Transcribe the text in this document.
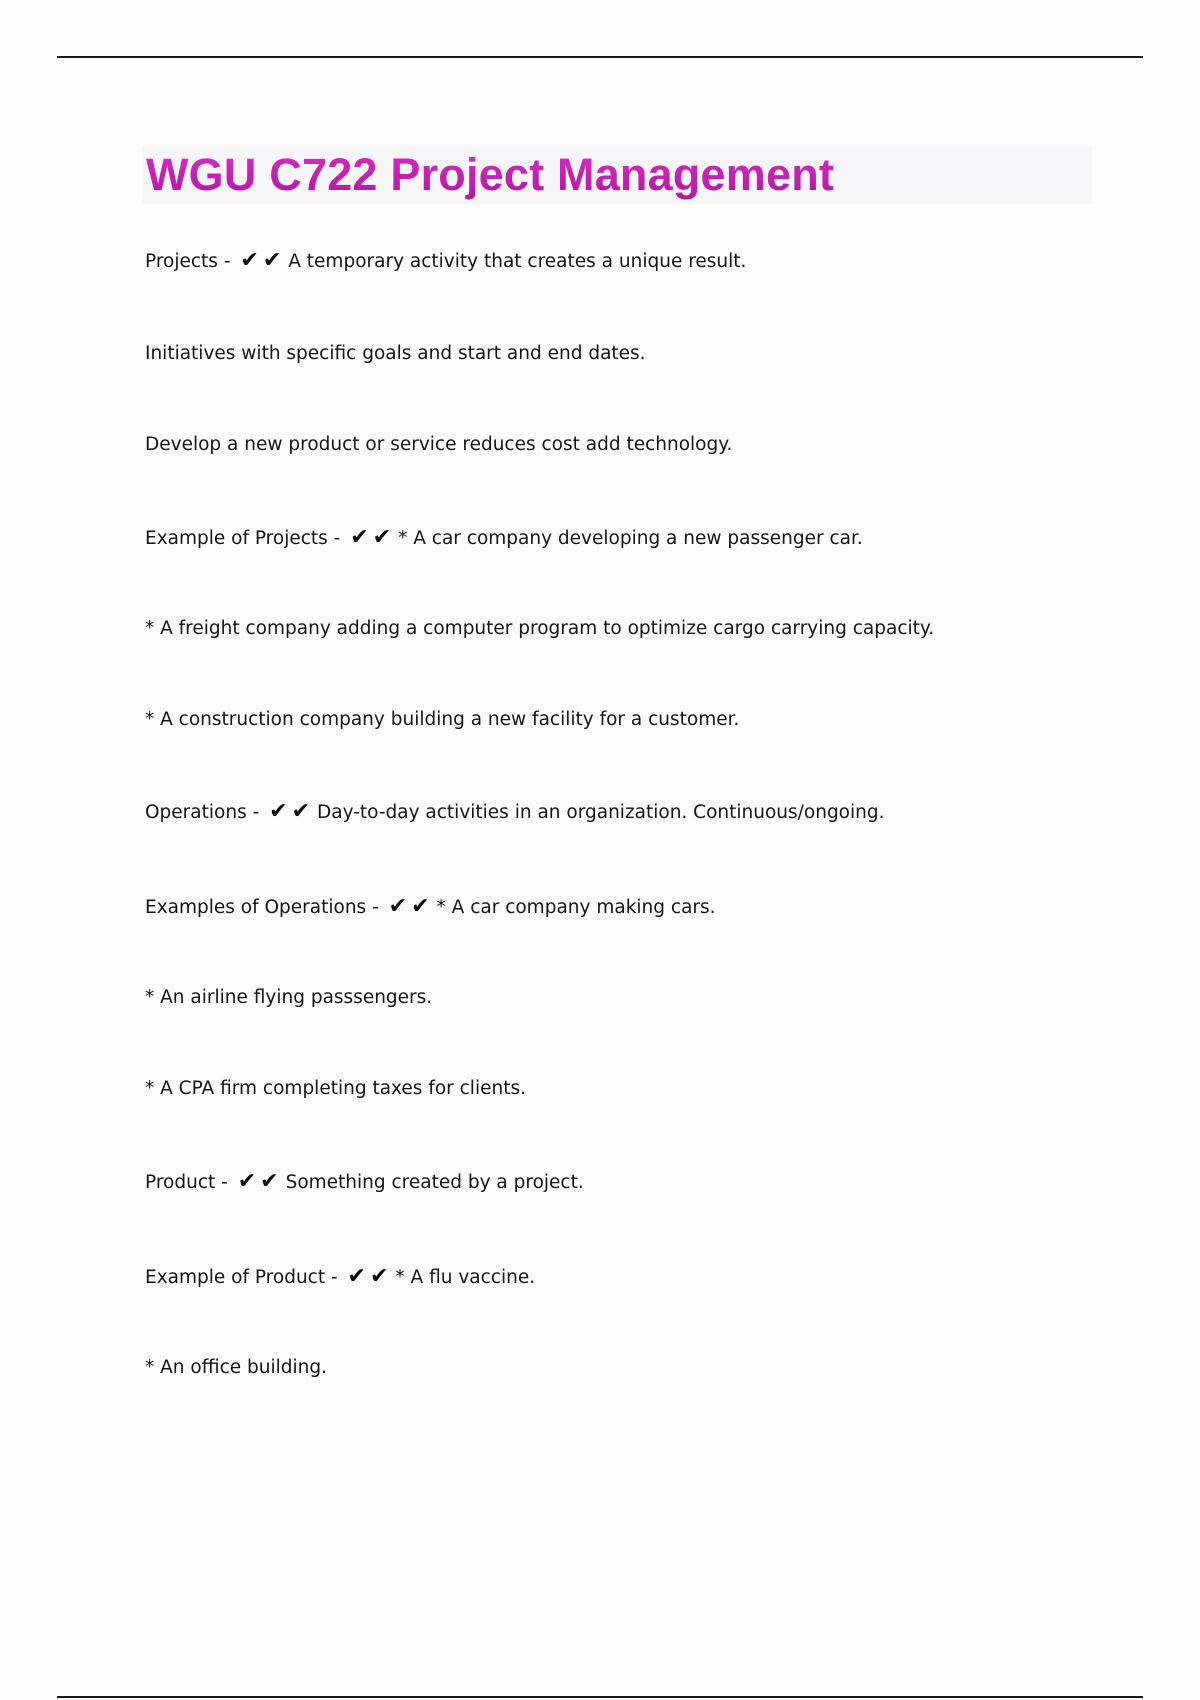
WGU C722 Project Management

Projects - ✔✔ A temporary activity that creates a unique result.

Initiatives with specific goals and start and end dates.

Develop a new product or service reduces cost add technology.

Example of Projects - ✔✔ * A car company developing a new passenger car.

* A freight company adding a computer program to optimize cargo carrying capacity.

* A construction company building a new facility for a customer.

Operations - ✔✔ Day-to-day activities in an organization. Continuous/ongoing.

Examples of Operations - ✔✔ * A car company making cars.

* An airline flying passsengers.

* A CPA firm completing taxes for clients.

Product - ✔✔ Something created by a project.

Example of Product - ✔✔ * A flu vaccine.

* An office building.
